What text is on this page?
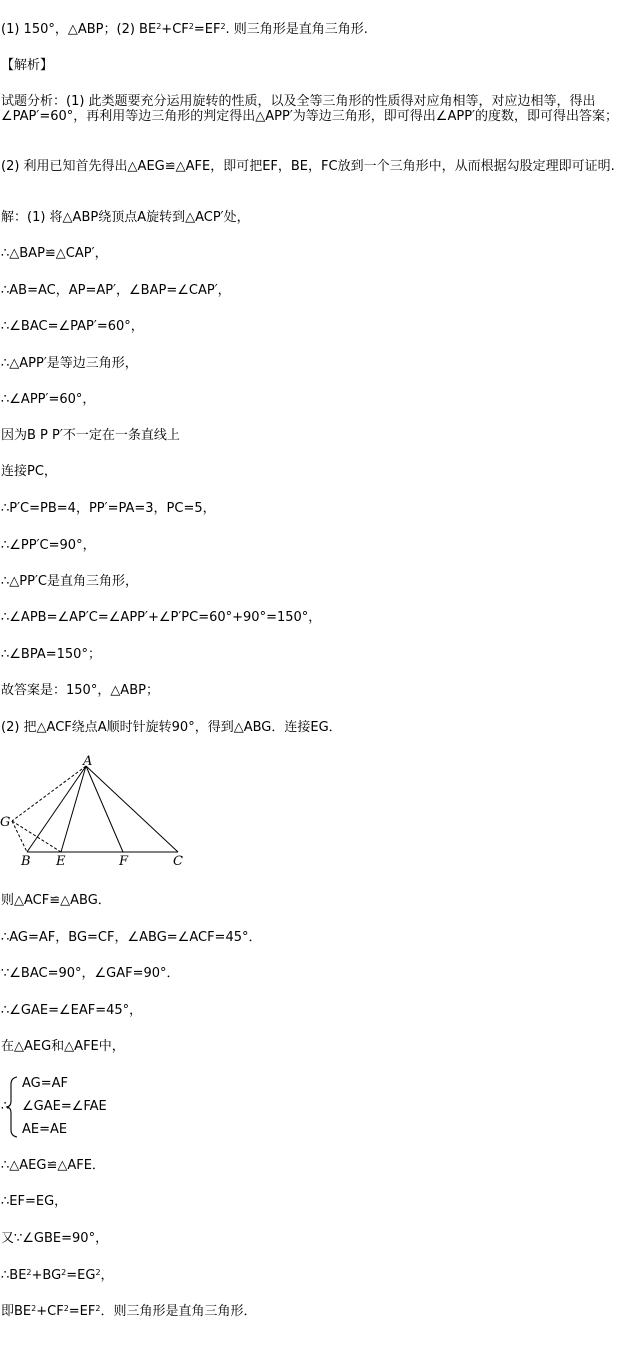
(1) 150°，△ABP；(2) $BE^2+CF^2=EF^2$. 则三角形是直角三角形.
【解析】
试题分析：(1) 此类题要充分运用旋转的性质，以及全等三角形的性质得对应角相等，对应边相等，得出∠PAP′=60°，再利用等边三角形的判定得出△APP′为等边三角形，即可得出∠APP′的度数，即可得出答案；
(2) 利用已知首先得出△AEG≌△AFE，即可把EF，BE，FC放到一个三角形中，从而根据勾股定理即可证明.
解：(1) 将△ABP绕顶点A旋转到△ACP′处，
∴△BAP≌△CAP′，
∴AB=AC，AP=AP′，∠BAP=∠CAP′，
∴∠BAC=∠PAP′=60°，
∴△APP′是等边三角形，
∴∠APP′=60°，
因为B P P′不一定在一条直线上
连接PC，
∴P′C=PB=4，PP′=PA=3，PC=5，
∴∠PP′C=90°，
∴△PP′C是直角三角形，
∴∠APB=∠AP′C=∠APP′+∠P′PC=60°+90°=150°，
∴∠BPA=150°；
故答案是：150°，△ABP；
(2) 把△ACF绕点A顺时针旋转90°，得到△ABG．连接EG．
A
G
B E	F	C
则△ACF≌△ABG．
∴AG=AF，BG=CF，∠ABG=∠ACF=45°．
∵∠BAC=90°，∠GAF=90°．
∴∠GAE=∠EAF=45°，
在△AEG和△AFE中，
∴
AG=AF
∠GAE=∠FAE
AE=AE
∴△AEG≌△AFE．
∴EF=EG，
又∵∠GBE=90°，
$\therefore BE^2+BG^2=EG^2$，
即$BE^2+CF^2=EF^2$．则三角形是直角三角形．
